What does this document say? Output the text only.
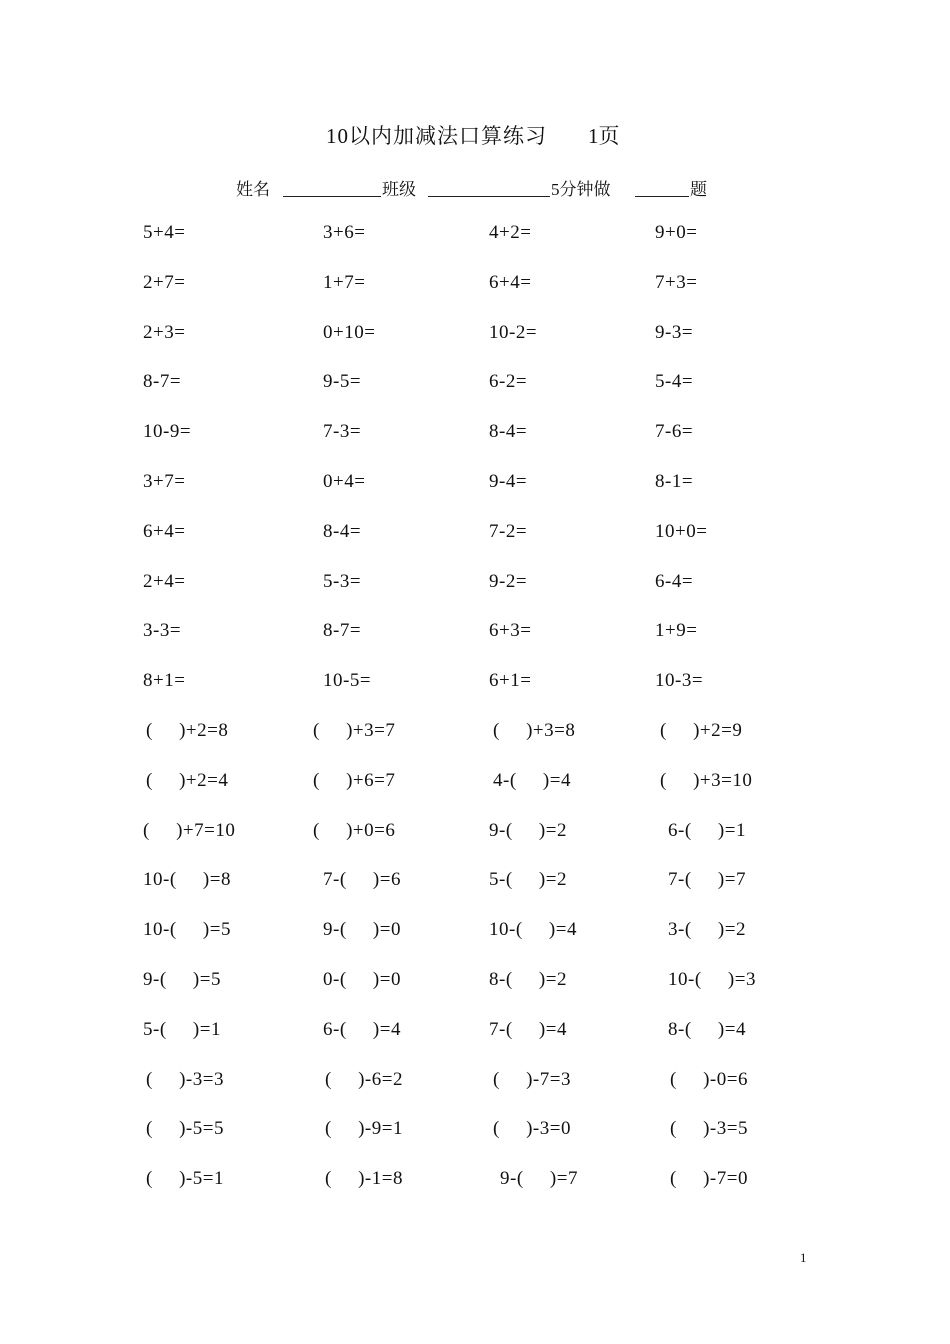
10以内加减法口算练习 1页
姓名	班级	5分钟做	题
5+4=	3+6=	4+2=	9+0=
2+7=	1+7=	6+4=	7+3=
2+3=	0+10=	10-2=	9-3=
8-7=	9-5=	6-2=	5-4=
10-9=	7-3=	8-4=	7-6=
3+7=	0+4=	9-4=	8-1=
6+4=	8-4=	7-2=	10+0=
2+4=	5-3=	9-2=	6-4=
3-3=	8-7=	6+3=	1+9=
8+1=	10-5=	6+1=	10-3=
(     )+2=8	(     )+3=7	(     )+3=8	(     )+2=9
(     )+2=4	(     )+6=7	4-(     )=4	(     )+3=10
(     )+7=10	(     )+0=6	9-(     )=2	6-(     )=1
10-(     )=8	7-(     )=6	5-(     )=2	7-(     )=7
10-(     )=5	9-(     )=0	10-(     )=4	3-(     )=2
9-(     )=5	0-(     )=0	8-(     )=2	10-(     )=3
5-(     )=1	6-(     )=4	7-(     )=4	8-(     )=4
(     )-3=3	(     )-6=2	(     )-7=3	(     )-0=6
(     )-5=5	(     )-9=1	(     )-3=0	(     )-3=5
(     )-5=1	(     )-1=8	9-(     )=7	(     )-7=0
1
